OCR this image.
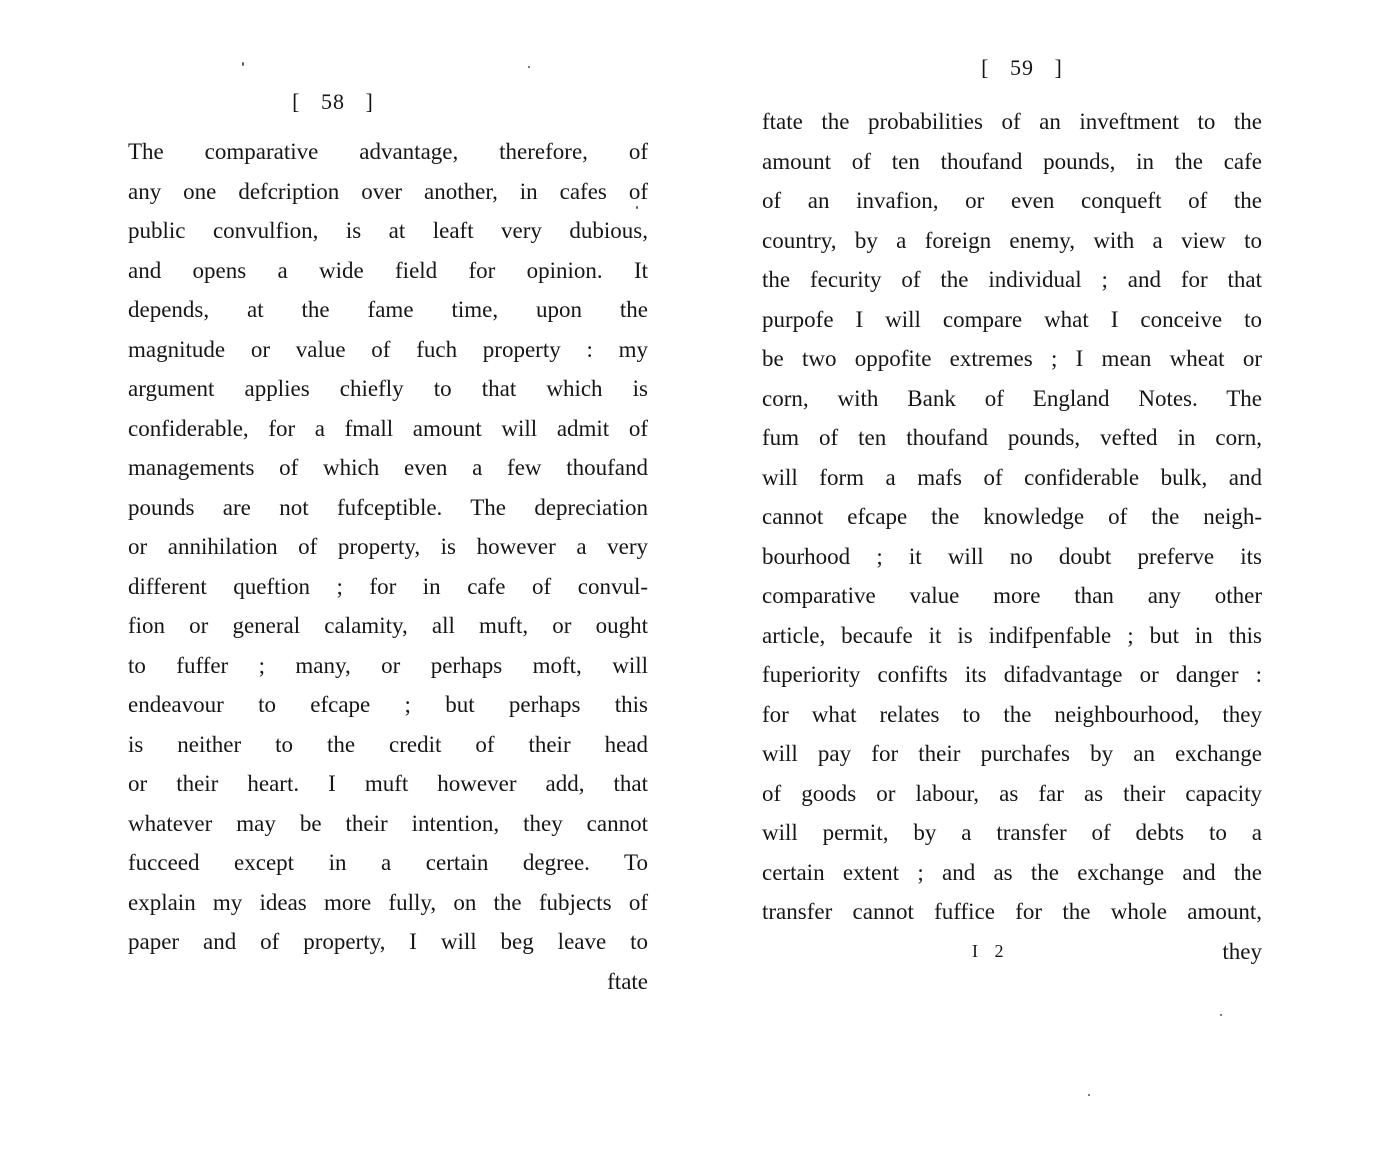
[ 58 ]
The comparative advantage, therefore, of
any one defcription over another, in cafes of
public convulfion, is at leaft very dubious,
and opens a wide field for opinion. It
depends, at the fame time, upon the
magnitude or value of fuch property : my
argument applies chiefly to that which is
confiderable, for a fmall amount will admit of
managements of which even a few thoufand
pounds are not fufceptible. The depreciation
or annihilation of property, is however a very
different queftion ; for in cafe of convul-
fion or general calamity, all muft, or ought
to fuffer ; many, or perhaps moft, will
endeavour to efcape ; but perhaps this
is neither to the credit of their head
or their heart. I muft however add, that
whatever may be their intention, they cannot
fucceed except in a certain degree. To
explain my ideas more fully, on the fubjects of
paper and of property, I will beg leave to
ftate
[ 59 ]
ftate the probabilities of an inveftment to the
amount of ten thoufand pounds, in the cafe
of an invafion, or even conqueft of the
country, by a foreign enemy, with a view to
the fecurity of the individual ; and for that
purpofe I will compare what I conceive to
be two oppofite extremes ; I mean wheat or
corn, with Bank of England Notes. The
fum of ten thoufand pounds, vefted in corn,
will form a mafs of confiderable bulk, and
cannot efcape the knowledge of the neigh-
bourhood ; it will no doubt preferve its
comparative value more than any other
article, becaufe it is indifpenfable ; but in this
fuperiority confifts its difadvantage or danger :
for what relates to the neighbourhood, they
will pay for their purchafes by an exchange
of goods or labour, as far as their capacity
will permit, by a transfer of debts to a
certain extent ; and as the exchange and the
transfer cannot fuffice for the whole amount,
I 2	they
